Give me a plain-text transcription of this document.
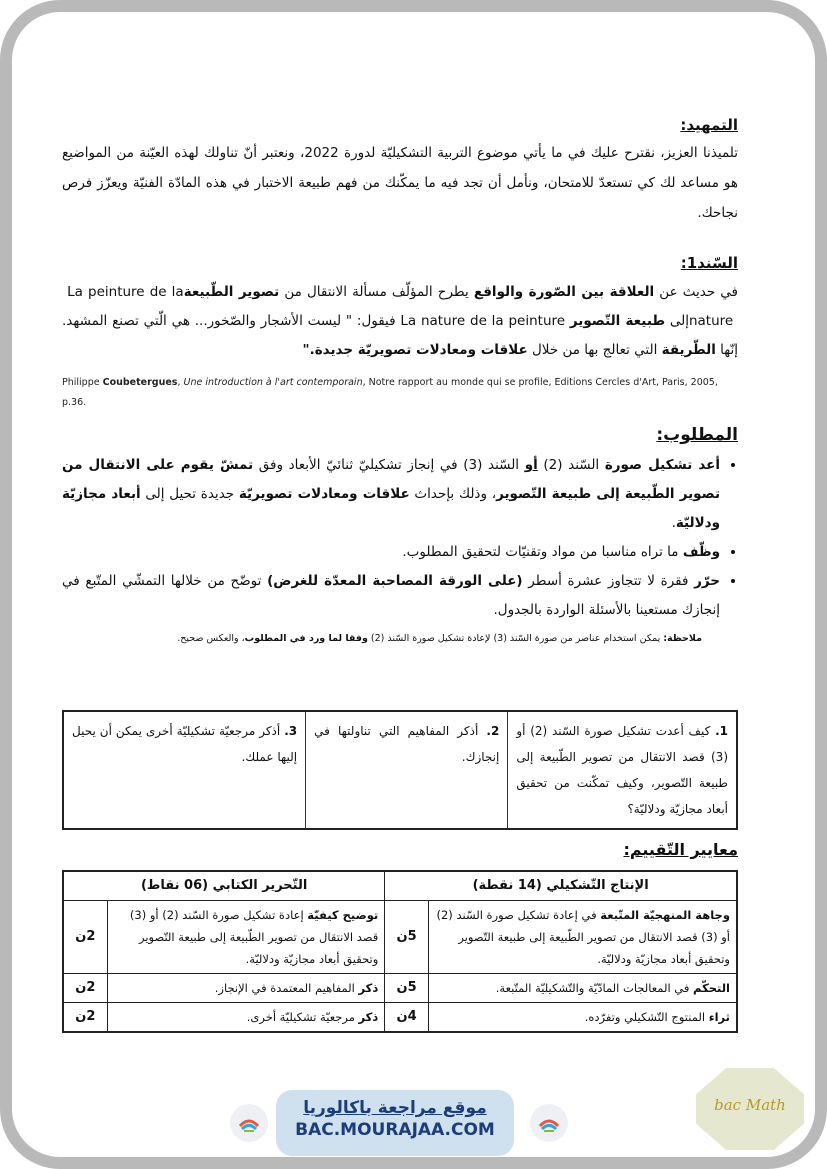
التمهيد:

تلميذنا العزيز، نقترح عليك في ما يأتي موضوع التربية التشكيليّة لدورة 2022، ونعتبر أنّ تناولك لهذه العيّنة من المواضيع هو مساعد لك كي تستعدّ للامتحان، ونأمل أن تجد فيه ما يمكّنك من فهم طبيعة الاختبار في هذه المادّة الفنيّة ويعزّز فرص نجاحك.

السّند1:

في حديث عن العلاقة بين الصّورة والواقع يطرح المؤلّف مسألة الانتقال من تصوير الطّبيعة La peinture de la nature إلى طبيعة التّصوير La nature de la peinture فيقول: " ليست الأشجار والصّخور... هي الّتي تصنع المشهد. إنّها الطّريقة التي تعالج بها من خلال علاقات ومعادلات تصويريّة جديدة."

Philippe Coubetergues, Une introduction à l'art contemporain, Notre rapport au monde qui se profile, Editions Cercles d'Art, Paris, 2005, p.36.

المطلوب:

• أعد تشكيل صورة السّند (2) أو السّند (3) في إنجاز تشكيليّ ثنائيّ الأبعاد وفق تمشّ يقوم على الانتقال من تصوير الطّبيعة إلى طبيعة التّصوير، وذلك بإحداث علاقات ومعادلات تصويريّة جديدة تحيل إلى أبعاد مجازيّة ودلاليّة.
• وظّف ما تراه مناسبا من مواد وتقنيّات لتحقيق المطلوب.
• حرّر فقرة لا تتجاوز عشرة أسطر (على الورقة المصاحبة المعدّة للغرض) توضّح من خلالها التمشّي المتّبع في إنجازك مستعينا بالأسئلة الواردة بالجدول.

ملاحظة: يمكن استخدام عناصر من صورة السّند (3) لإعادة تشكيل صورة السّند (2) وفقا لما ورد في المطلوب، والعكس صحيح.

1. كيف أعدت تشكيل صورة السّند (2) أو (3) قصد الانتقال من تصوير الطّبيعة إلى طبيعة التّصوير، وكيف تمكّنت من تحقيق أبعاد مجازيّة ودلاليّة؟	2. أذكر المفاهيم التي تناولتها في إنجازك.	3. أذكر مرجعيّة تشكيليّة أخرى يمكن أن يحيل إليها عملك.

معايير التّقييم:

الإنتاج التّشكيلي (14 نقطة)		التّحرير الكتابي (06 نقاط)	
وجاهة المنهجيّة المتّبعة في إعادة تشكيل صورة السّند (2) أو (3) قصد الانتقال من تصوير الطّبيعة إلى طبيعة التّصوير وتحقيق أبعاد مجازيّة ودلاليّة.	5ن	توضيح كيفيّة إعادة تشكيل صورة السّند (2) أو (3) قصد الانتقال من تصوير الطّبيعة إلى طبيعة التّصوير وتحقيق أبعاد مجازيّة ودلاليّة.	2ن
التحكّم في المعالجات المادّيّة والتّشكيليّة المتّبعة.	5ن	ذكر المفاهيم المعتمدة في الإنجاز.	2ن
ثراء المنتوج التّشكيلي وتفرّده.	4ن	ذكر مرجعيّة تشكيليّة أخرى.	2ن
موقع مراجعة باكالوريا
BAC.MOURAJAA.COM
bac Math
